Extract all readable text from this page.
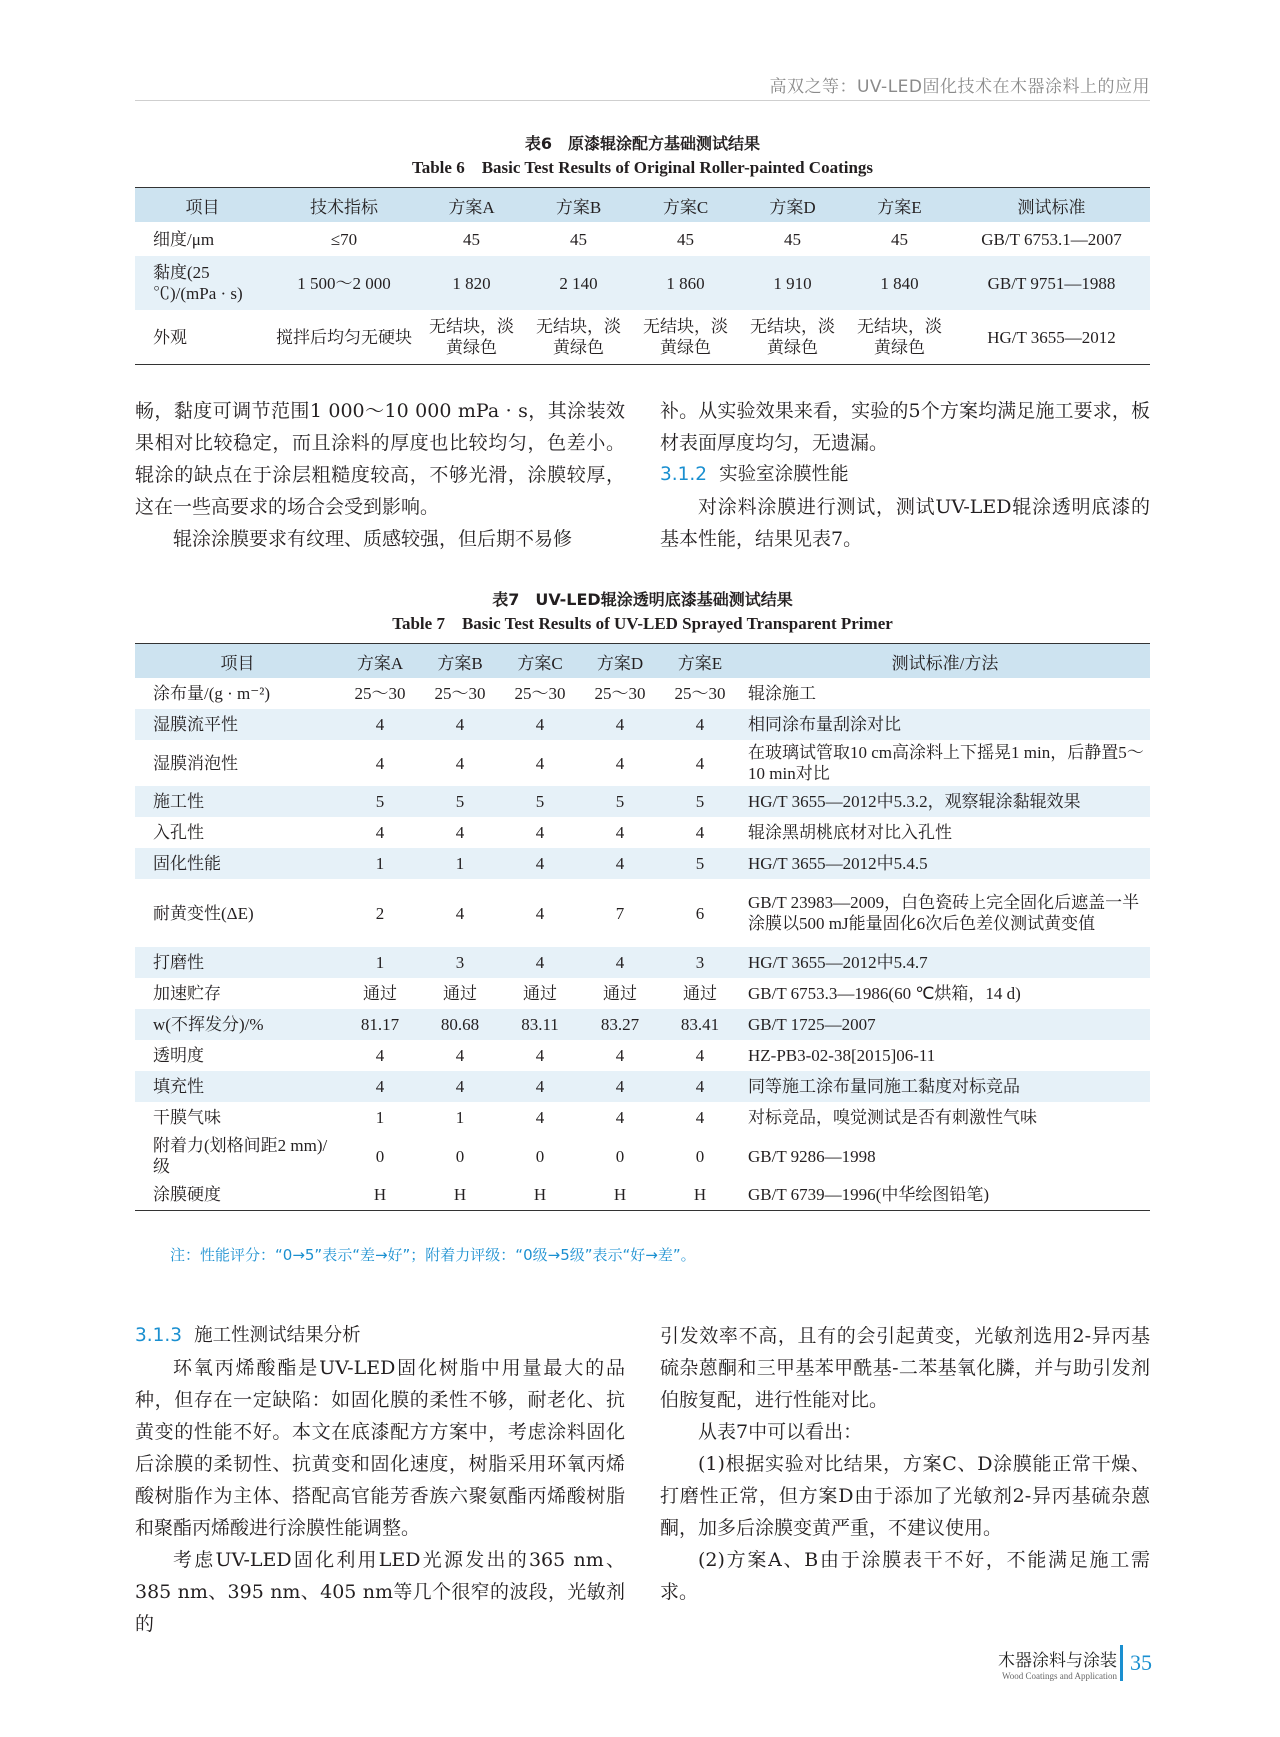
高双之等：UV-LED固化技术在木器涂料上的应用
表6　原漆辊涂配方基础测试结果
Table 6　Basic Test Results of Original Roller-painted Coatings
项目	技术指标	方案A	方案B	方案C	方案D	方案E	测试标准
细度/μm	≤70	45	45	45	45	45	GB/T 6753.1—2007
黏度(25 ℃)/(mPa · s)	1 500～2 000	1 820	2 140	1 860	1 910	1 840	GB/T 9751—1988
外观	搅拌后均匀无硬块	无结块，淡黄绿色	无结块，淡黄绿色	无结块，淡黄绿色	无结块，淡黄绿色	无结块，淡黄绿色	HG/T 3655—2012

畅，黏度可调节范围1 000～10 000 mPa · s，其涂装效果相对比较稳定，而且涂料的厚度也比较均匀，色差小。辊涂的缺点在于涂层粗糙度较高，不够光滑，涂膜较厚，这在一些高要求的场合会受到影响。

辊涂涂膜要求有纹理、质感较强，但后期不易修

补。从实验效果来看，实验的5个方案均满足施工要求，板材表面厚度均匀，无遗漏。

3.1.2 实验室涂膜性能

对涂料涂膜进行测试，测试UV-LED辊涂透明底漆的基本性能，结果见表7。

表7　UV-LED辊涂透明底漆基础测试结果
Table 7　Basic Test Results of UV-LED Sprayed Transparent Primer
项目	方案A	方案B	方案C	方案D	方案E	测试标准/方法
涂布量/(g · m⁻²)	25～30	25～30	25～30	25～30	25～30	辊涂施工
湿膜流平性	4	4	4	4	4	相同涂布量刮涂对比
湿膜消泡性	4	4	4	4	4	在玻璃试管取10 cm高涂料上下摇晃1 min，后静置5～10 min对比
施工性	5	5	5	5	5	HG/T 3655—2012中5.3.2，观察辊涂黏辊效果
入孔性	4	4	4	4	4	辊涂黑胡桃底材对比入孔性
固化性能	1	1	4	4	5	HG/T 3655—2012中5.4.5
耐黄变性(ΔE)	2	4	4	7	6	GB/T 23983—2009，白色瓷砖上完全固化后遮盖一半涂膜以500 mJ能量固化6次后色差仪测试黄变值
打磨性	1	3	4	4	3	HG/T 3655—2012中5.4.7
加速贮存	通过	通过	通过	通过	通过	GB/T 6753.3—1986(60 ℃烘箱，14 d)
w(不挥发分)/%	81.17	80.68	83.11	83.27	83.41	GB/T 1725—2007
透明度	4	4	4	4	4	HZ-PB3-02-38[2015]06-11
填充性	4	4	4	4	4	同等施工涂布量同施工黏度对标竞品
干膜气味	1	1	4	4	4	对标竞品，嗅觉测试是否有刺激性气味
附着力(划格间距2 mm)/级	0	0	0	0	0	GB/T 9286—1998
涂膜硬度	H	H	H	H	H	GB/T 6739—1996(中华绘图铅笔)
注：性能评分：“0→5”表示“差→好”；附着力评级：“0级→5级”表示“好→差”。

3.1.3 施工性测试结果分析

环氧丙烯酸酯是UV-LED固化树脂中用量最大的品种，但存在一定缺陷：如固化膜的柔性不够，耐老化、抗黄变的性能不好。本文在底漆配方方案中，考虑涂料固化后涂膜的柔韧性、抗黄变和固化速度，树脂采用环氧丙烯酸树脂作为主体、搭配高官能芳香族六聚氨酯丙烯酸树脂和聚酯丙烯酸进行涂膜性能调整。

考虑UV-LED固化利用LED光源发出的365 nm、385 nm、395 nm、405 nm等几个很窄的波段，光敏剂的

引发效率不高，且有的会引起黄变，光敏剂选用2-异丙基硫杂蒽酮和三甲基苯甲酰基-二苯基氧化膦，并与助引发剂伯胺复配，进行性能对比。

从表7中可以看出：

(1)根据实验对比结果，方案C、D涂膜能正常干燥、打磨性正常，但方案D由于添加了光敏剂2-异丙基硫杂蒽酮，加多后涂膜变黄严重，不建议使用。

(2)方案A、B由于涂膜表干不好，不能满足施工需求。

木器涂料与涂装
Wood Coatings and Application
35
